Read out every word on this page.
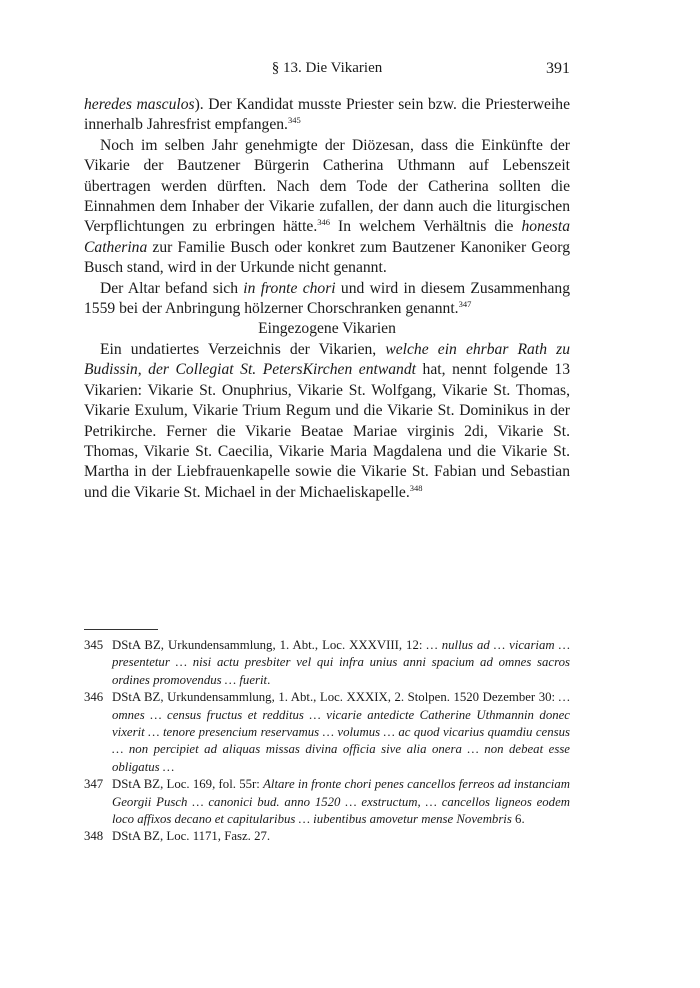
§ 13. Die Vikarien	391

heredes masculos). Der Kandidat musste Priester sein bzw. die Priesterweihe innerhalb Jahresfrist empfangen.$^{345}$

Noch im selben Jahr genehmigte der Diözesan, dass die Einkünfte der Vikarie der Bautzener Bürgerin Catherina Uthmann auf Lebenszeit übertragen werden dürften. Nach dem Tode der Catherina sollten die Einnahmen dem Inhaber der Vikarie zufallen, der dann auch die liturgischen Verpflichtungen zu erbringen hätte.$^{346}$ In welchem Verhältnis die honesta Catherina zur Familie Busch oder konkret zum Bautzener Kanoniker Georg Busch stand, wird in der Urkunde nicht genannt.

Der Altar befand sich in fronte chori und wird in diesem Zusammenhang 1559 bei der Anbringung hölzerner Chorschranken genannt.$^{347}$

Eingezogene Vikarien

Ein undatiertes Verzeichnis der Vikarien, welche ein ehrbar Rath zu Budissin, der Collegiat St. PetersKirchen entwandt hat, nennt folgende 13 Vikarien: Vikarie St. Onuphrius, Vikarie St. Wolfgang, Vikarie St. Thomas, Vikarie Exulum, Vikarie Trium Regum und die Vikarie St. Dominikus in der Petrikirche. Ferner die Vikarie Beatae Mariae virginis 2di, Vikarie St. Thomas, Vikarie St. Caecilia, Vikarie Maria Magdalena und die Vikarie St. Martha in der Liebfrauenkapelle sowie die Vikarie St. Fabian und Sebastian und die Vikarie St. Michael in der Michaeliskapelle.$^{348}$

345 DStA BZ, Urkundensammlung, 1. Abt., Loc. XXXVIII, 12: … nullus ad … vicariam … presentetur … nisi actu presbiter vel qui infra unius anni spacium ad omnes sacros ordines promovendus … fuerit.
346 DStA BZ, Urkundensammlung, 1. Abt., Loc. XXXIX, 2. Stolpen. 1520 Dezember 30: … omnes … census fructus et redditus … vicarie antedicte Catherine Uthmannin donec vixerit … tenore presencium reservamus … volumus … ac quod vicarius quamdiu census … non percipiet ad aliquas missas divina officia sive alia onera … non debeat esse obligatus …
347 DStA BZ, Loc. 169, fol. 55r: Altare in fronte chori penes cancellos ferreos ad instanciam Georgii Pusch … canonici bud. anno 1520 … exstructum, … cancellos ligneos eodem loco affixos decano et capitularibus … iubentibus amovetur mense Novembris 6.
348 DStA BZ, Loc. 1171, Fasz. 27.
